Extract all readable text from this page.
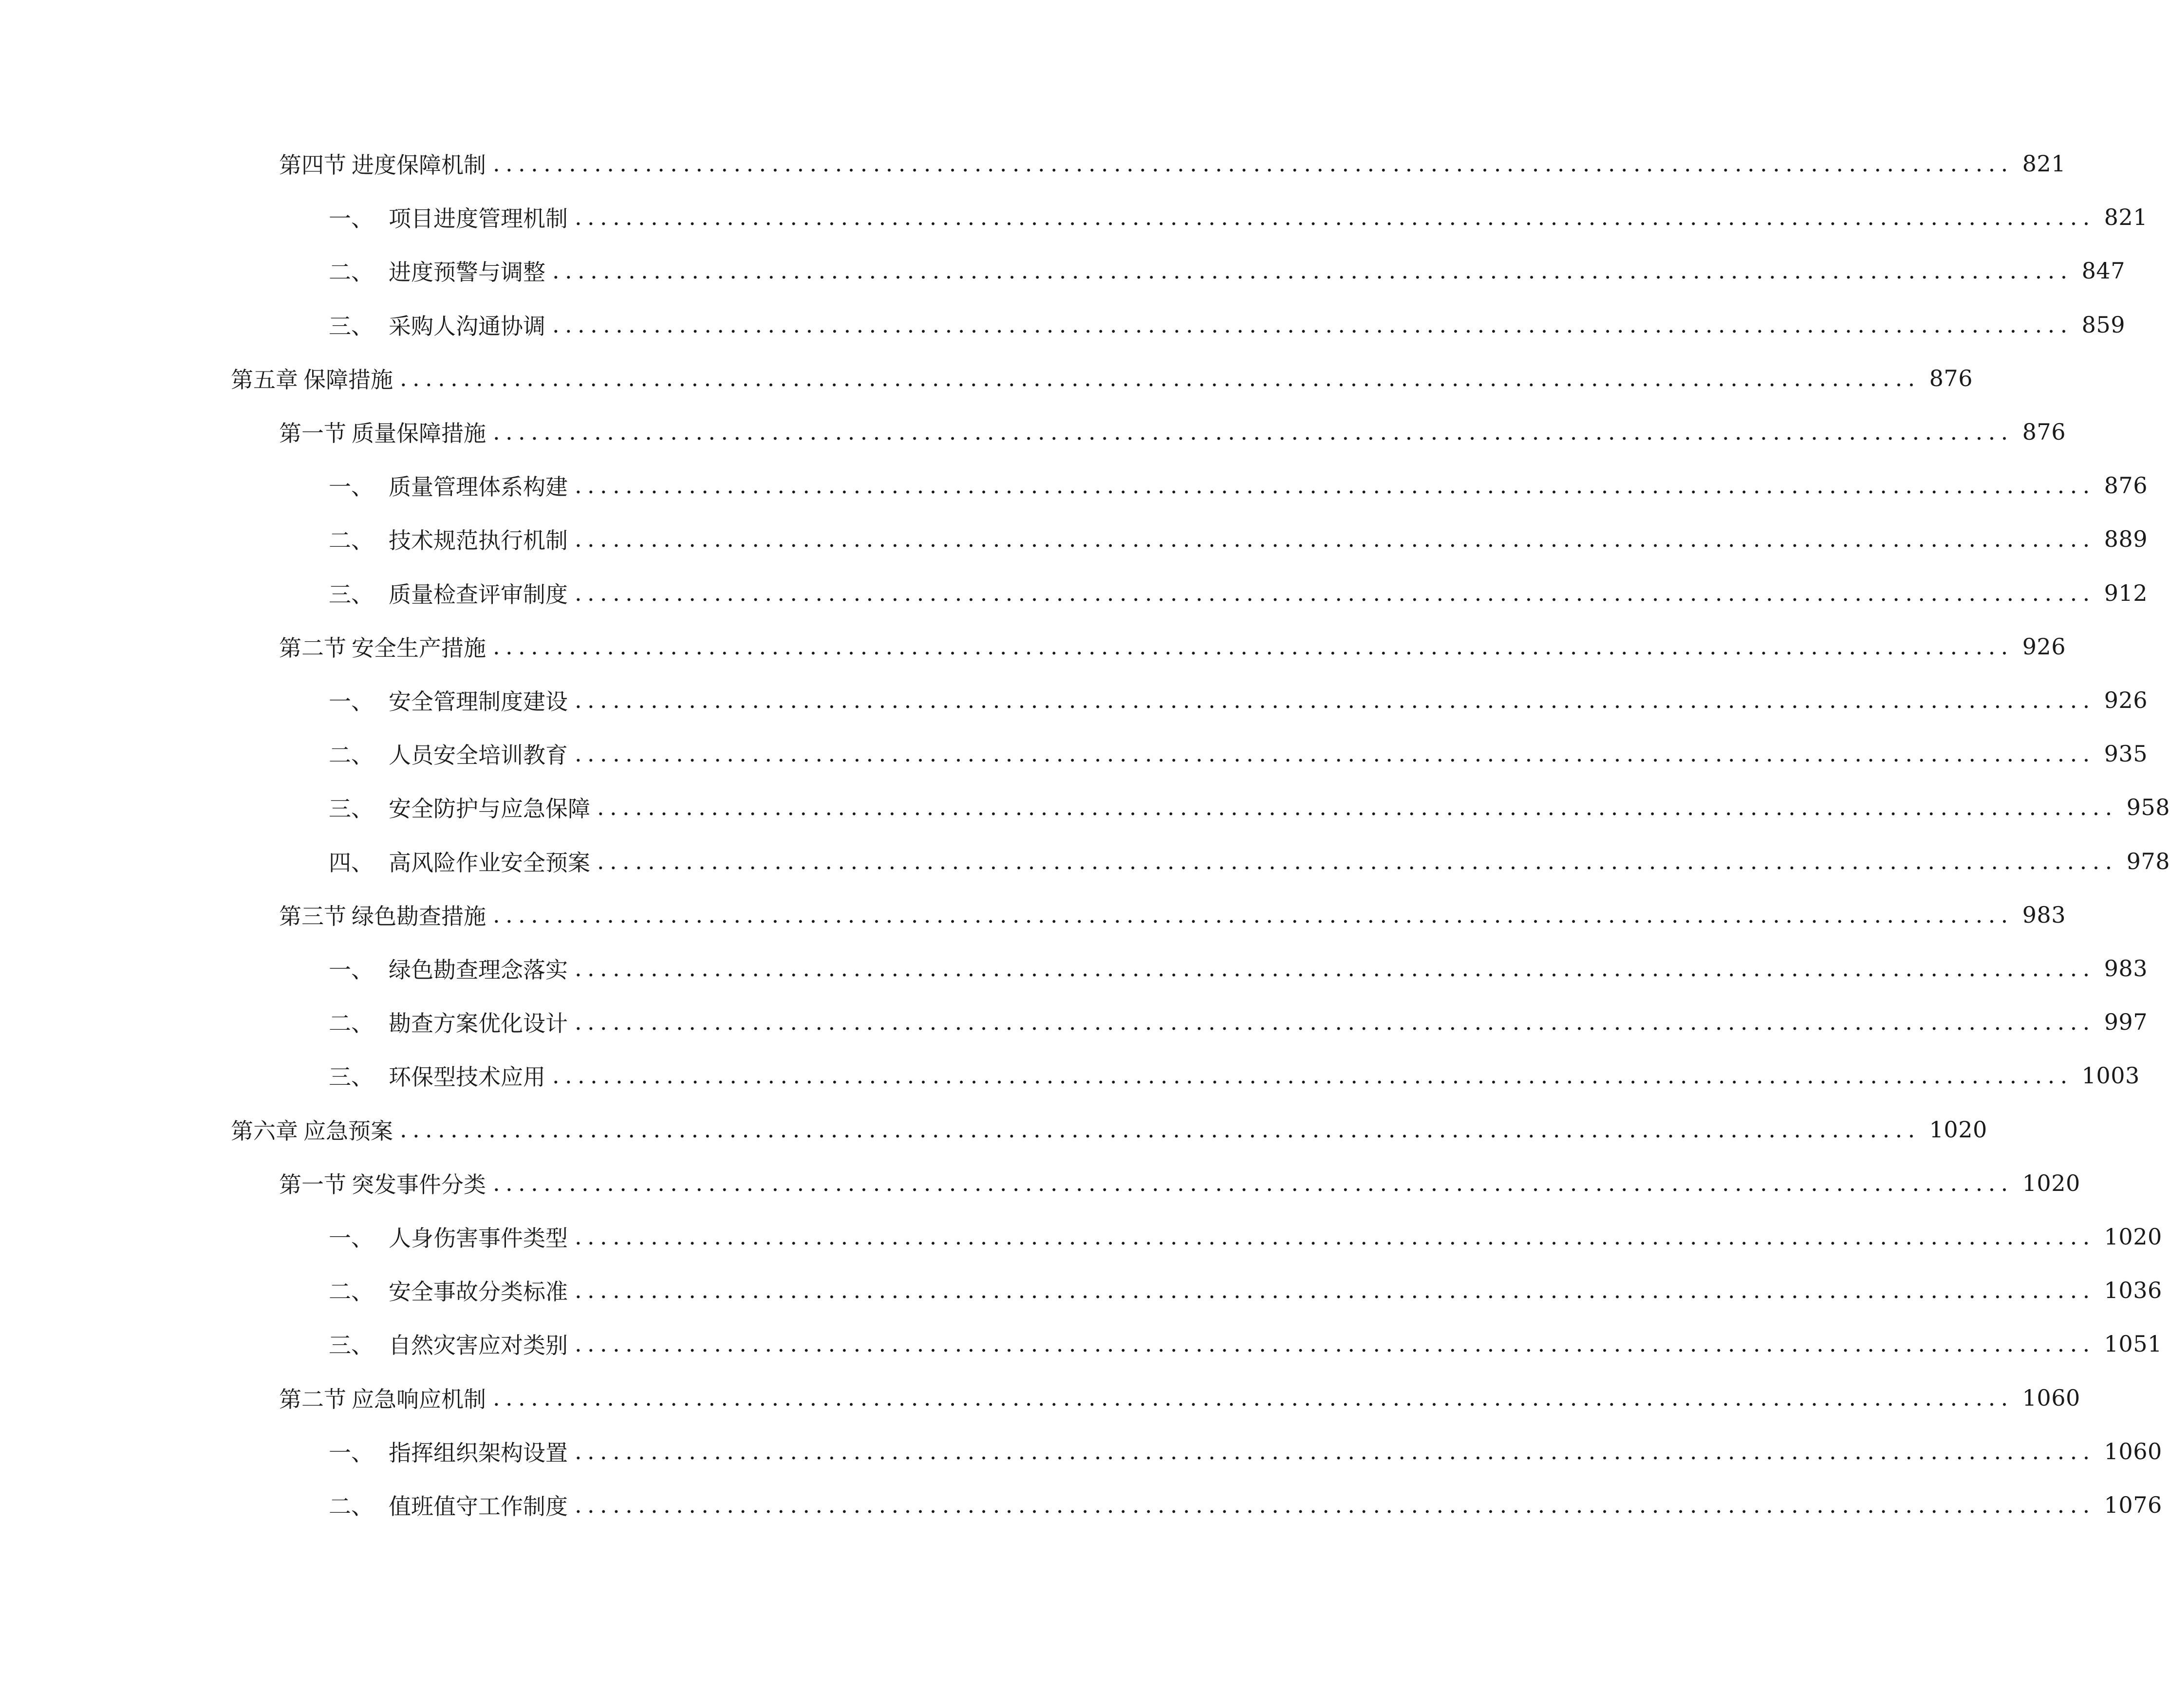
第四节 进度保障机制 ........................................................................................................................ 821
一、 项目进度管理机制 ........................................................................................................................ 821
二、 进度预警与调整 ........................................................................................................................ 847
三、 采购人沟通协调 ........................................................................................................................ 859
第五章 保障措施 ........................................................................................................................ 876
第一节 质量保障措施 ........................................................................................................................ 876
一、 质量管理体系构建 ........................................................................................................................ 876
二、 技术规范执行机制 ........................................................................................................................ 889
三、 质量检查评审制度 ........................................................................................................................ 912
第二节 安全生产措施 ........................................................................................................................ 926
一、 安全管理制度建设 ........................................................................................................................ 926
二、 人员安全培训教育 ........................................................................................................................ 935
三、 安全防护与应急保障 ........................................................................................................................ 958
四、 高风险作业安全预案 ........................................................................................................................ 978
第三节 绿色勘查措施 ........................................................................................................................ 983
一、 绿色勘查理念落实 ........................................................................................................................ 983
二、 勘查方案优化设计 ........................................................................................................................ 997
三、 环保型技术应用 ........................................................................................................................ 1003
第六章 应急预案 ........................................................................................................................ 1020
第一节 突发事件分类 ........................................................................................................................ 1020
一、 人身伤害事件类型 ........................................................................................................................ 1020
二、 安全事故分类标准 ........................................................................................................................ 1036
三、 自然灾害应对类别 ........................................................................................................................ 1051
第二节 应急响应机制 ........................................................................................................................ 1060
一、 指挥组织架构设置 ........................................................................................................................ 1060
二、 值班值守工作制度 ........................................................................................................................ 1076
